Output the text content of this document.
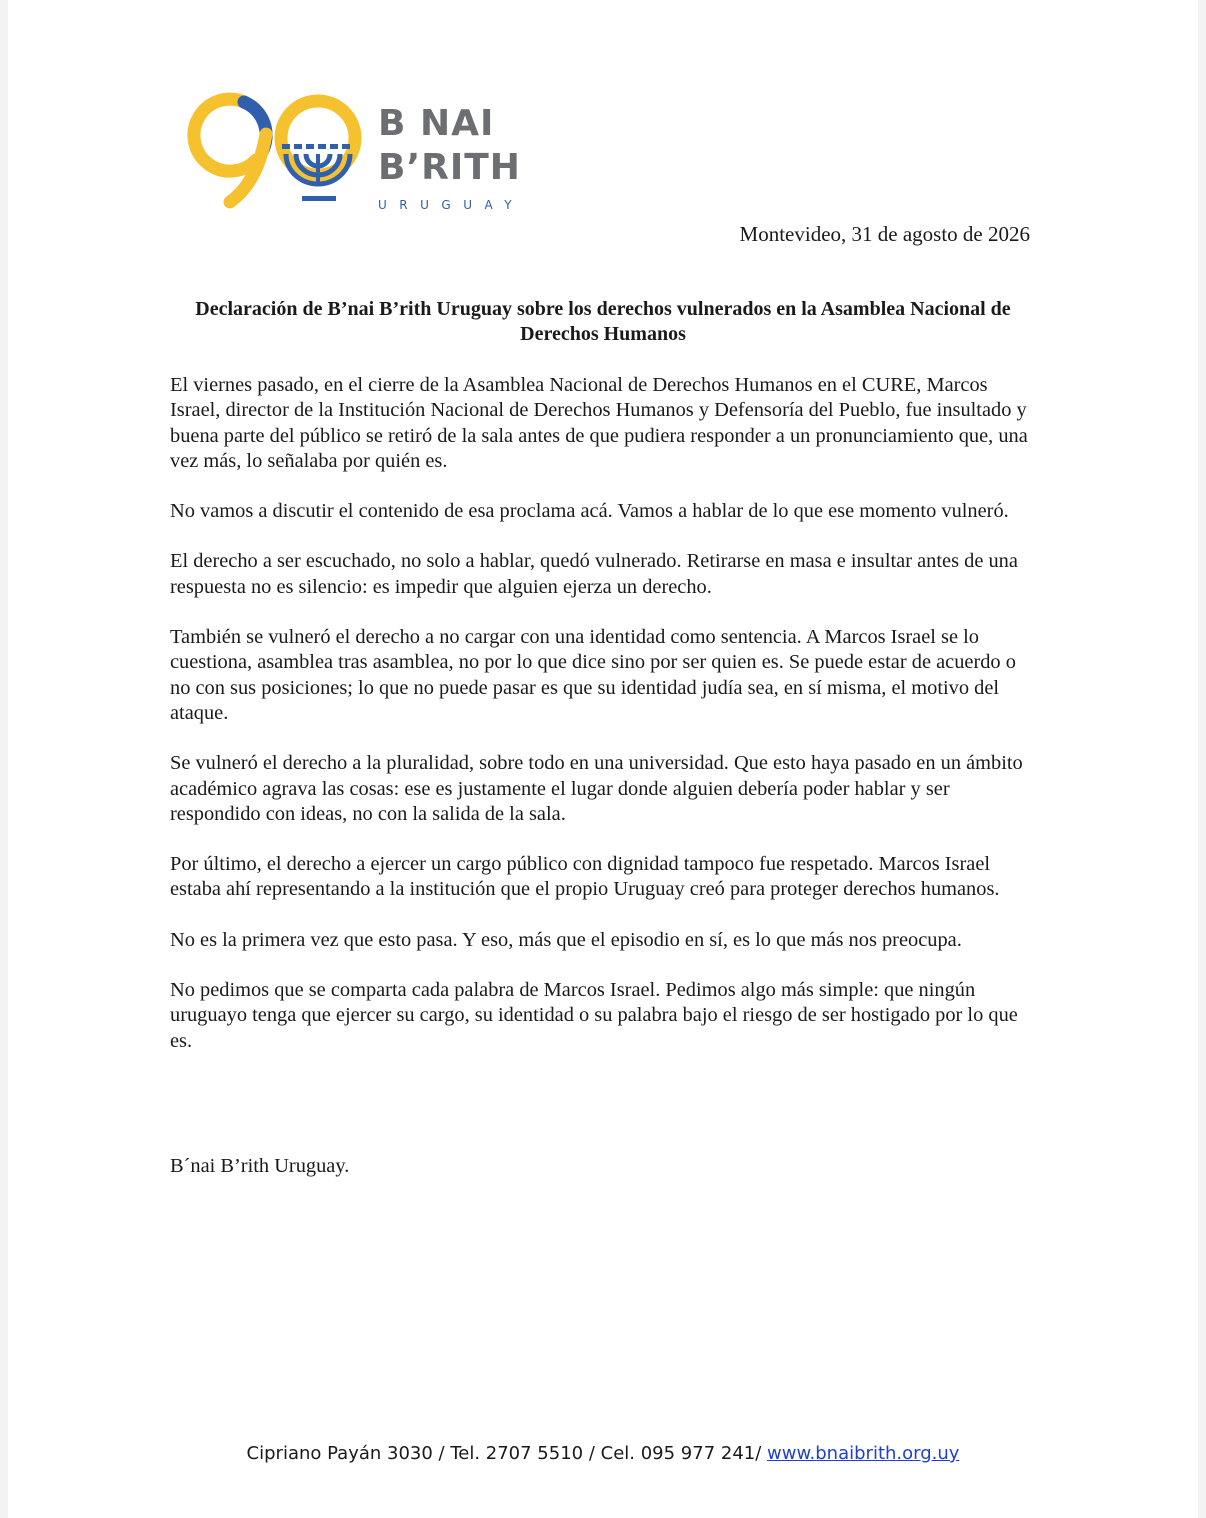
B NAI
B’RITH
URUGUAY
Montevideo, 31 de agosto de 2026
Declaración de B’nai B’rith Uruguay sobre los derechos vulnerados en la Asamblea Nacional de Derechos Humanos

El viernes pasado, en el cierre de la Asamblea Nacional de Derechos Humanos en el CURE, Marcos Israel, director de la Institución Nacional de Derechos Humanos y Defensoría del Pueblo, fue insultado y buena parte del público se retiró de la sala antes de que pudiera responder a un pronunciamiento que, una vez más, lo señalaba por quién es.

No vamos a discutir el contenido de esa proclama acá. Vamos a hablar de lo que ese momento vulneró.

El derecho a ser escuchado, no solo a hablar, quedó vulnerado. Retirarse en masa e insultar antes de una respuesta no es silencio: es impedir que alguien ejerza un derecho.

También se vulneró el derecho a no cargar con una identidad como sentencia. A Marcos Israel se lo cuestiona, asamblea tras asamblea, no por lo que dice sino por ser quien es. Se puede estar de acuerdo o no con sus posiciones; lo que no puede pasar es que su identidad judía sea, en sí misma, el motivo del ataque.

Se vulneró el derecho a la pluralidad, sobre todo en una universidad. Que esto haya pasado en un ámbito académico agrava las cosas: ese es justamente el lugar donde alguien debería poder hablar y ser respondido con ideas, no con la salida de la sala.

Por último, el derecho a ejercer un cargo público con dignidad tampoco fue respetado. Marcos Israel estaba ahí representando a la institución que el propio Uruguay creó para proteger derechos humanos.

No es la primera vez que esto pasa. Y eso, más que el episodio en sí, es lo que más nos preocupa.

No pedimos que se comparta cada palabra de Marcos Israel. Pedimos algo más simple: que ningún uruguayo tenga que ejercer su cargo, su identidad o su palabra bajo el riesgo de ser hostigado por lo que es.

B´nai B’rith Uruguay.
Cipriano Payán 3030 / Tel. 2707 5510 / Cel. 095 977 241/ www.bnaibrith.org.uy
